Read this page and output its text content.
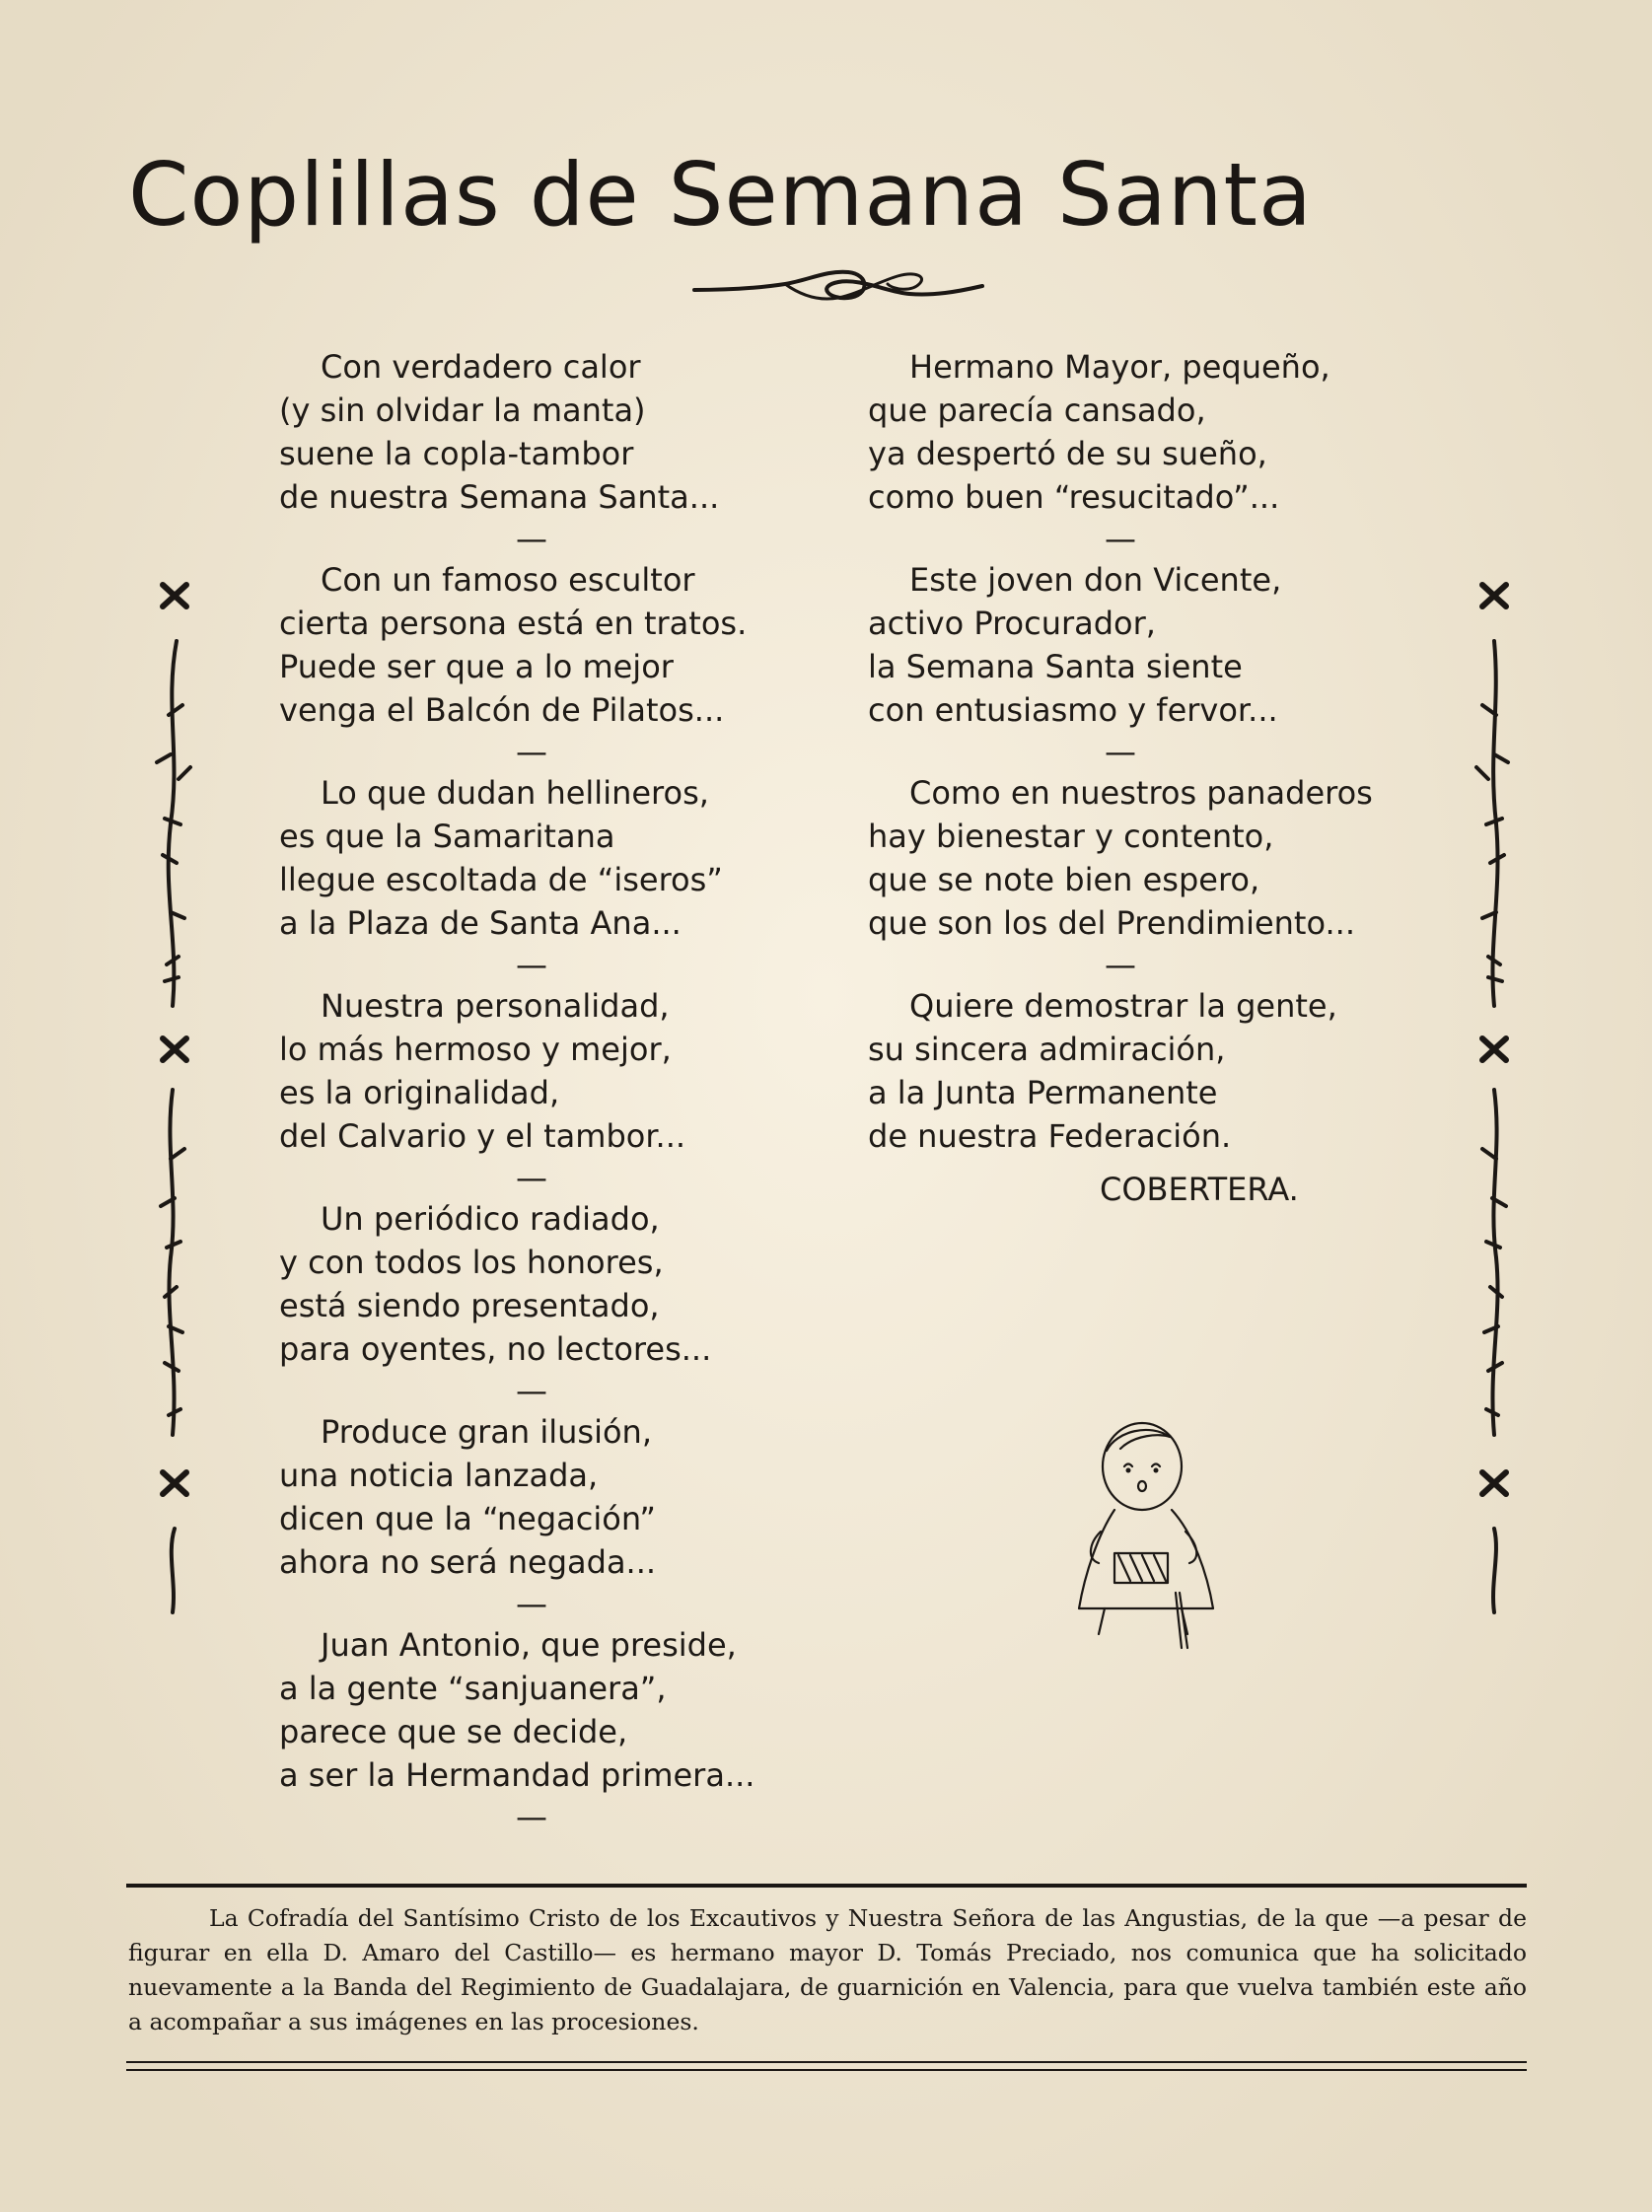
Coplillas de Semana Santa
Con verdadero calor
(y sin olvidar la manta)
suene la copla-tambor
de nuestra Semana Santa...
—
Con un famoso escultor
cierta persona está en tratos.
Puede ser que a lo mejor
venga el Balcón de Pilatos...
—
Lo que dudan hellineros,
es que la Samaritana
llegue escoltada de “iseros”
a la Plaza de Santa Ana...
—
Nuestra personalidad,
lo más hermoso y mejor,
es la originalidad,
del Calvario y el tambor...
—
Un periódico radiado,
y con todos los honores,
está siendo presentado,
para oyentes, no lectores...
—
Produce gran ilusión,
una noticia lanzada,
dicen que la “negación”
ahora no será negada...
—
Juan Antonio, que preside,
a la gente “sanjuanera”,
parece que se decide,
a ser la Hermandad primera...
—
Hermano Mayor, pequeño,
que parecía cansado,
ya despertó de su sueño,
como buen “resucitado”...
—
Este joven don Vicente,
activo Procurador,
la Semana Santa siente
con entusiasmo y fervor...
—
Como en nuestros panaderos
hay bienestar y contento,
que se note bien espero,
que son los del Prendimiento...
—
Quiere demostrar la gente,
su sincera admiración,
a la Junta Permanente
de nuestra Federación.
COBERTERA.

La Cofradía del Santísimo Cristo de los Excautivos y Nuestra Señora de las Angustias, de la que —a pesar de figurar en ella D. Amaro del Castillo— es hermano mayor D. Tomás Preciado, nos comunica que ha solicitado nuevamente a la Banda del Regimiento de Guadalajara, de guarnición en Valencia, para que vuelva también este año a acompañar a sus imágenes en las procesiones.
